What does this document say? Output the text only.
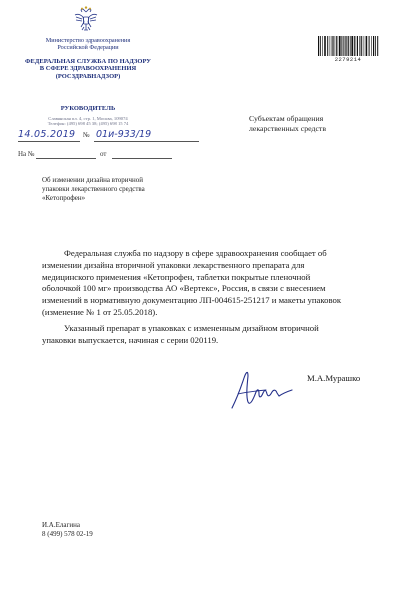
Министерство здравоохранения
Российской Федерации
ФЕДЕРАЛЬНАЯ СЛУЖБА ПО НАДЗОРУ
В СФЕРЕ ЗДРАВООХРАНЕНИЯ
(РОСЗДРАВНАДЗОР)
РУКОВОДИТЕЛЬ
Славянская пл. 4, стр. 1, Москва, 109074
Телефон: (495) 698 45 38; (495) 698 15 74
14.05.2019 № 01и-933/19
На №	от
2279214
Субъектам обращения
лекарственных средств
Об изменении дизайна вторичной
упаковки лекарственного средства
«Кетопрофен»
Федеральная служба по надзору в сфере здравоохранения сообщает об
изменении дизайна вторичной упаковки лекарственного препарата для
медицинского применения «Кетопрофен, таблетки покрытые пленочной
оболочкой 100 мг» производства АО «Вертекс», Россия, в связи с внесением
изменений в нормативную документацию ЛП-004615-251217 и макеты упаковок
(изменение № 1 от 25.05.2018).
Указанный препарат в упаковках с измененным дизайном вторичной
упаковки выпускается, начиная с серии 020119.
М.А.Мурашко
И.А.Елагина
8 (499) 578 02-19
